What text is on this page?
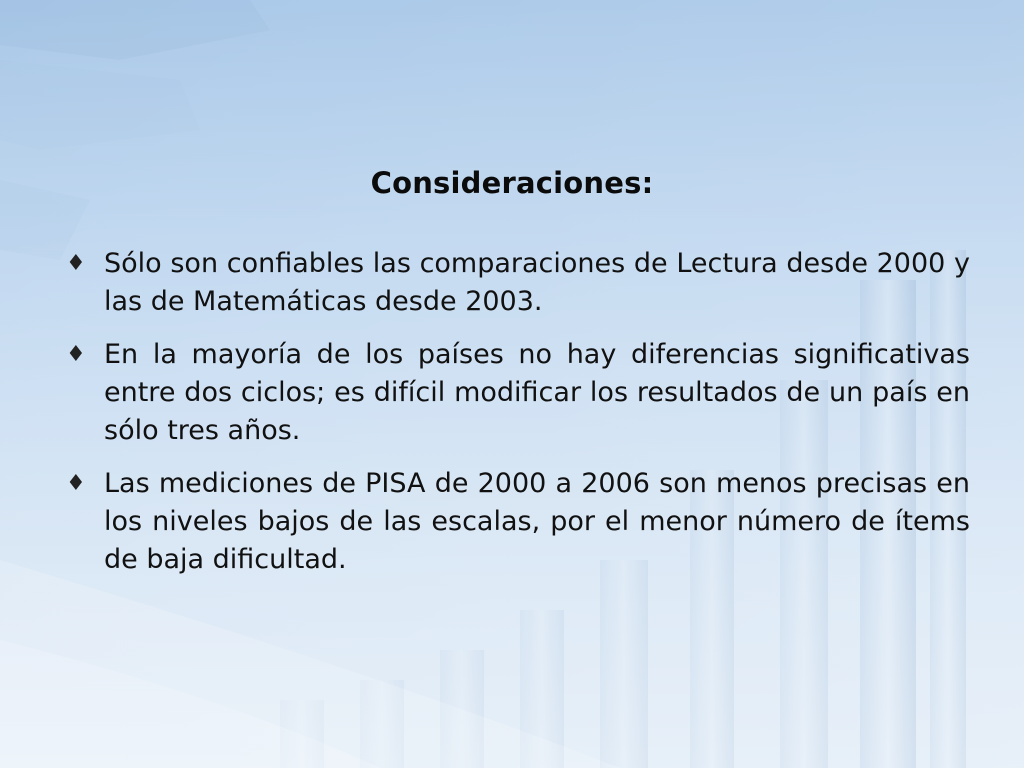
Consideraciones:
♦ Sólo son confiables las comparaciones de Lectura desde 2000 y las de Matemáticas desde 2003.
♦ En la mayoría de los países no hay diferencias significativas entre dos ciclos; es difícil modificar los resultados de un país en sólo tres años.
♦ Las mediciones de PISA de 2000 a 2006 son menos precisas en los niveles bajos de las escalas, por el menor número de ítems de baja dificultad.
